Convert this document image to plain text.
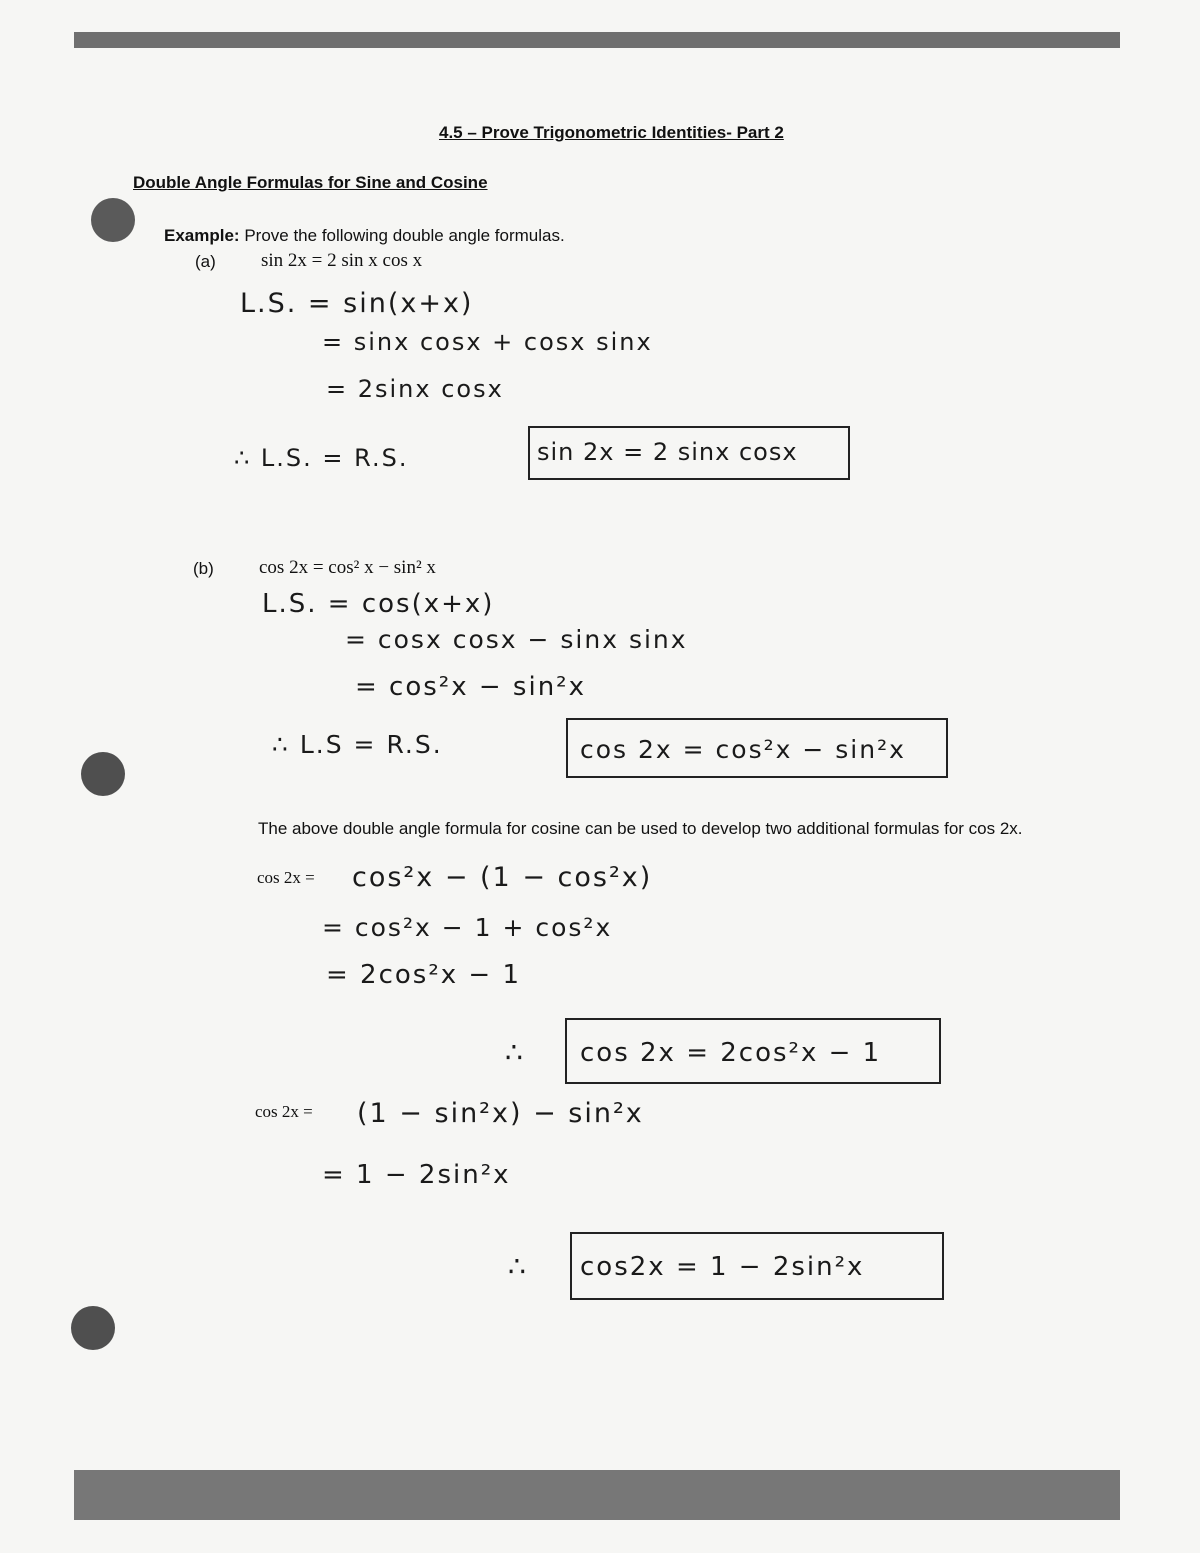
4.5 – Prove Trigonometric Identities- Part 2
Double Angle Formulas for Sine and Cosine
Example: Prove the following double angle formulas.
(a) sin 2x = 2 sin x cos x
L.S. = sin(x+x)
= sinx cosx + cosx sinx
= 2sinx cosx
∴ L.S. = R.S.	sin 2x = 2 sinx cosx
(b) cos 2x = cos² x − sin² x
L.S. = cos(x+x)
= cosx cosx − sinx sinx
= cos²x − sin²x
∴ L.S = R.S.	cos 2x = cos²x − sin²x
The above double angle formula for cosine can be used to develop two additional formulas for cos 2x.
cos 2x = cos²x − (1 − cos²x)
= cos²x − 1 + cos²x
= 2cos²x − 1
∴ cos 2x = 2cos²x − 1
cos 2x = (1 − sin²x) − sin²x
= 1 − 2sin²x
∴ cos2x = 1 − 2sin²x
